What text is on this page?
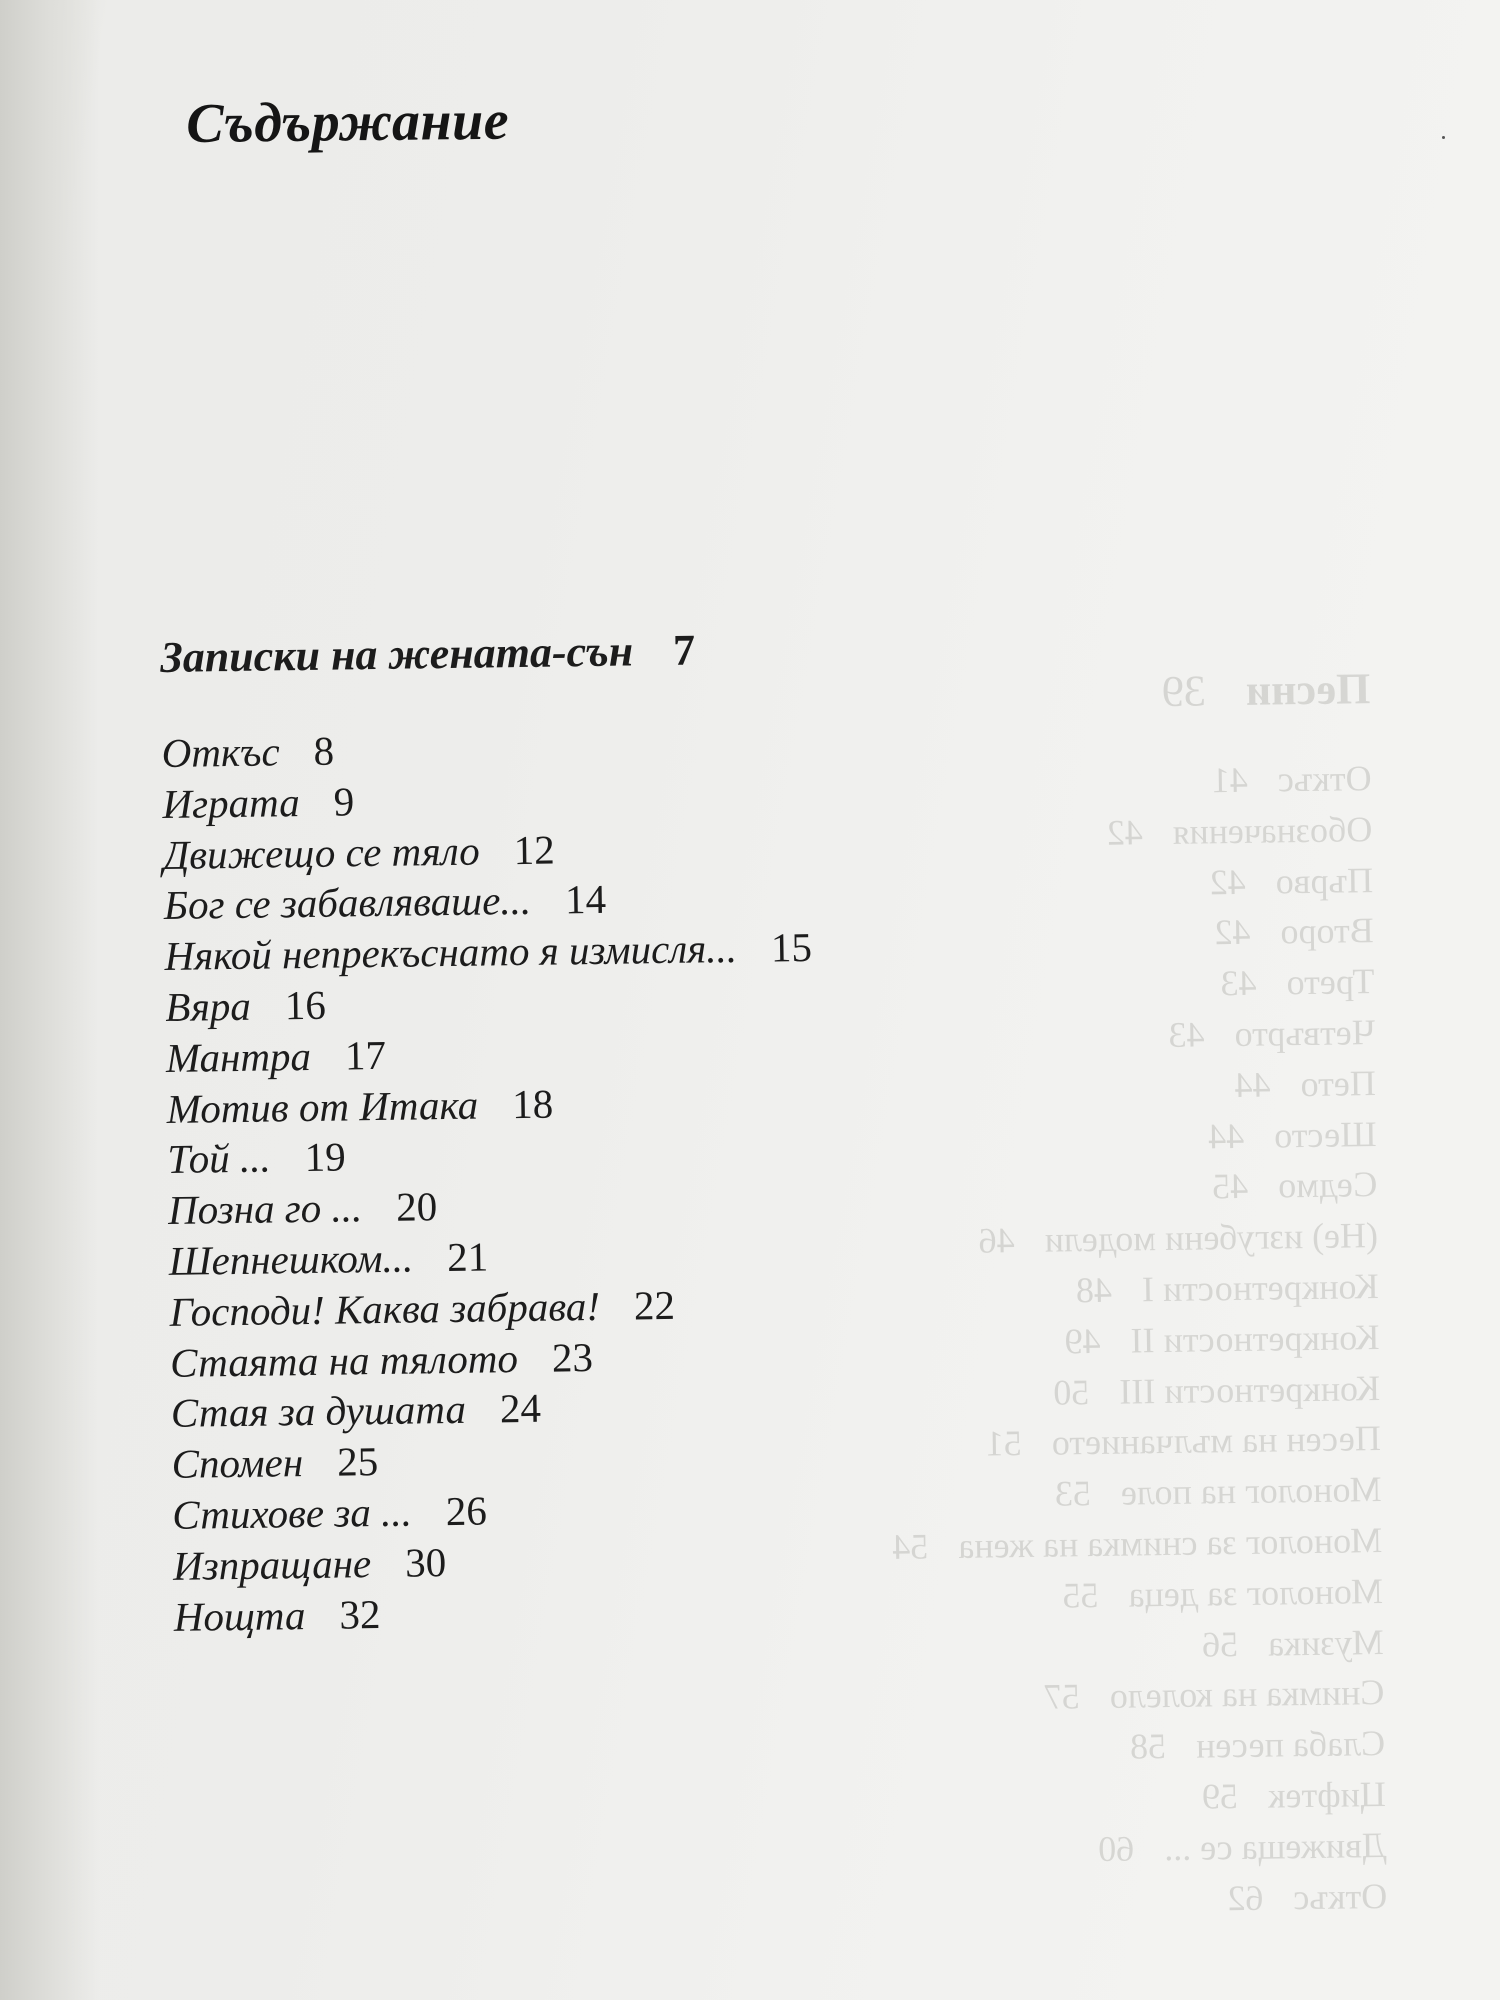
Песни39
Откъс41
Обозначения42
Първо42
Второ42
Трето43
Четвърто43
Пето44
Шесто44
Седмо45
(Не) изгубени модели46
Конкретности I48
Конкретности II49
Конкретности III50
Песен на мълчанието51
Монолог на поле53
Монолог за снимка на жена54
Монолог за деца55
Музика56
Снимка на колело57
Слаба песен58
Цифтек59
Движеща се ...60
Откъс62
Съдържание
Записки на жената-сън 7
Откъс 8
Играта 9
Движещо се тяло 12
Бог се забавляваше... 14
Някой непрекъснато я измисля... 15
Вяра 16
Мантра 17
Мотив от Итака 18
Той ... 19
Позна го ... 20
Шепнешком... 21
Господи! Каква забрава! 22
Стаята на тялото 23
Стая за душата 24
Спомен 25
Стихове за ... 26
Изпращане 30
Нощта 32
